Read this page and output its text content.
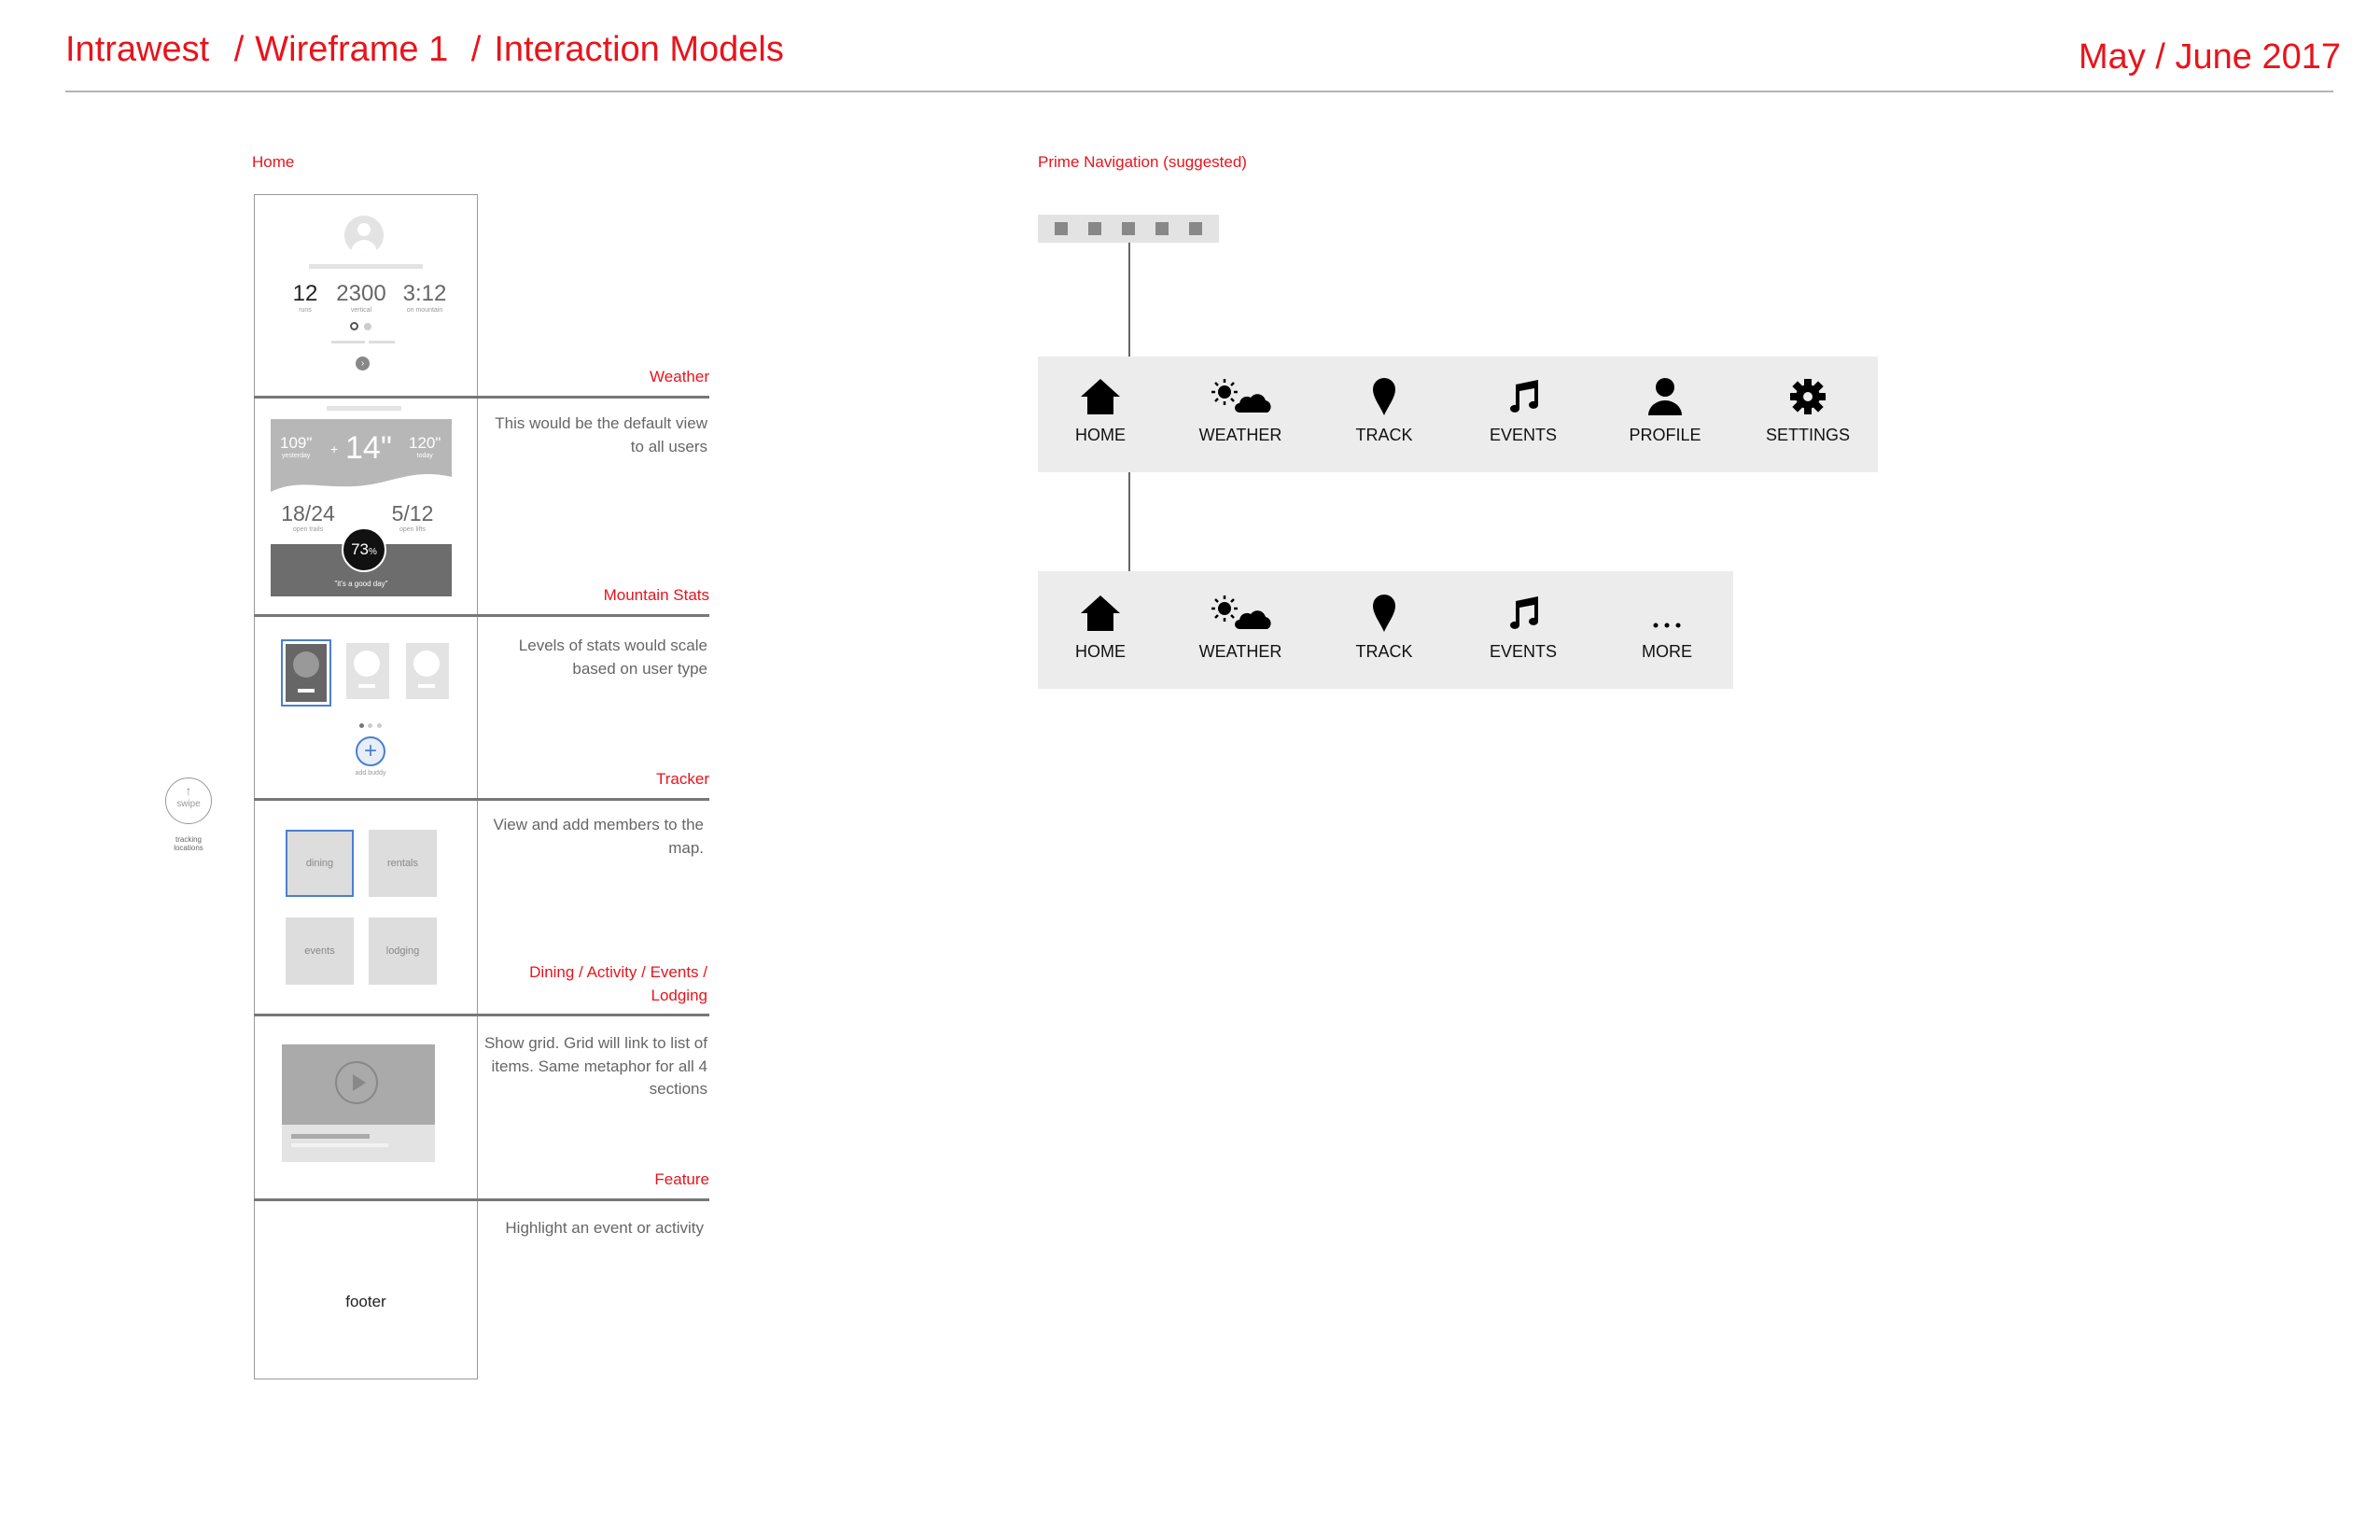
Intrawest / Wireframe 1 / Interaction Models	May / June 2017
Home
12
runs
2300
vertical
3:12
on mountain
›
109"
yesterday + 14" 120"
today
18/24
open trails
5/12
open lifts
"it's a good day"
73%

+
add buddy
dining	rentals
events	lodging
footer
Weather
This would be the default view to all users
Mountain Stats
Levels of stats would scale based on user type
Tracker
View and add members to the map.
Dining / Activity / Events / Lodging
Show grid. Grid will link to list of items. Same metaphor for all 4 sections
Feature
Highlight an event or activity
↑
swipe
tracking locations
Prime Navigation (suggested)
HOME	WEATHER	TRACK	EVENTS	PROFILE	SETTINGS
HOME	WEATHER	TRACK	EVENTS	MORE
